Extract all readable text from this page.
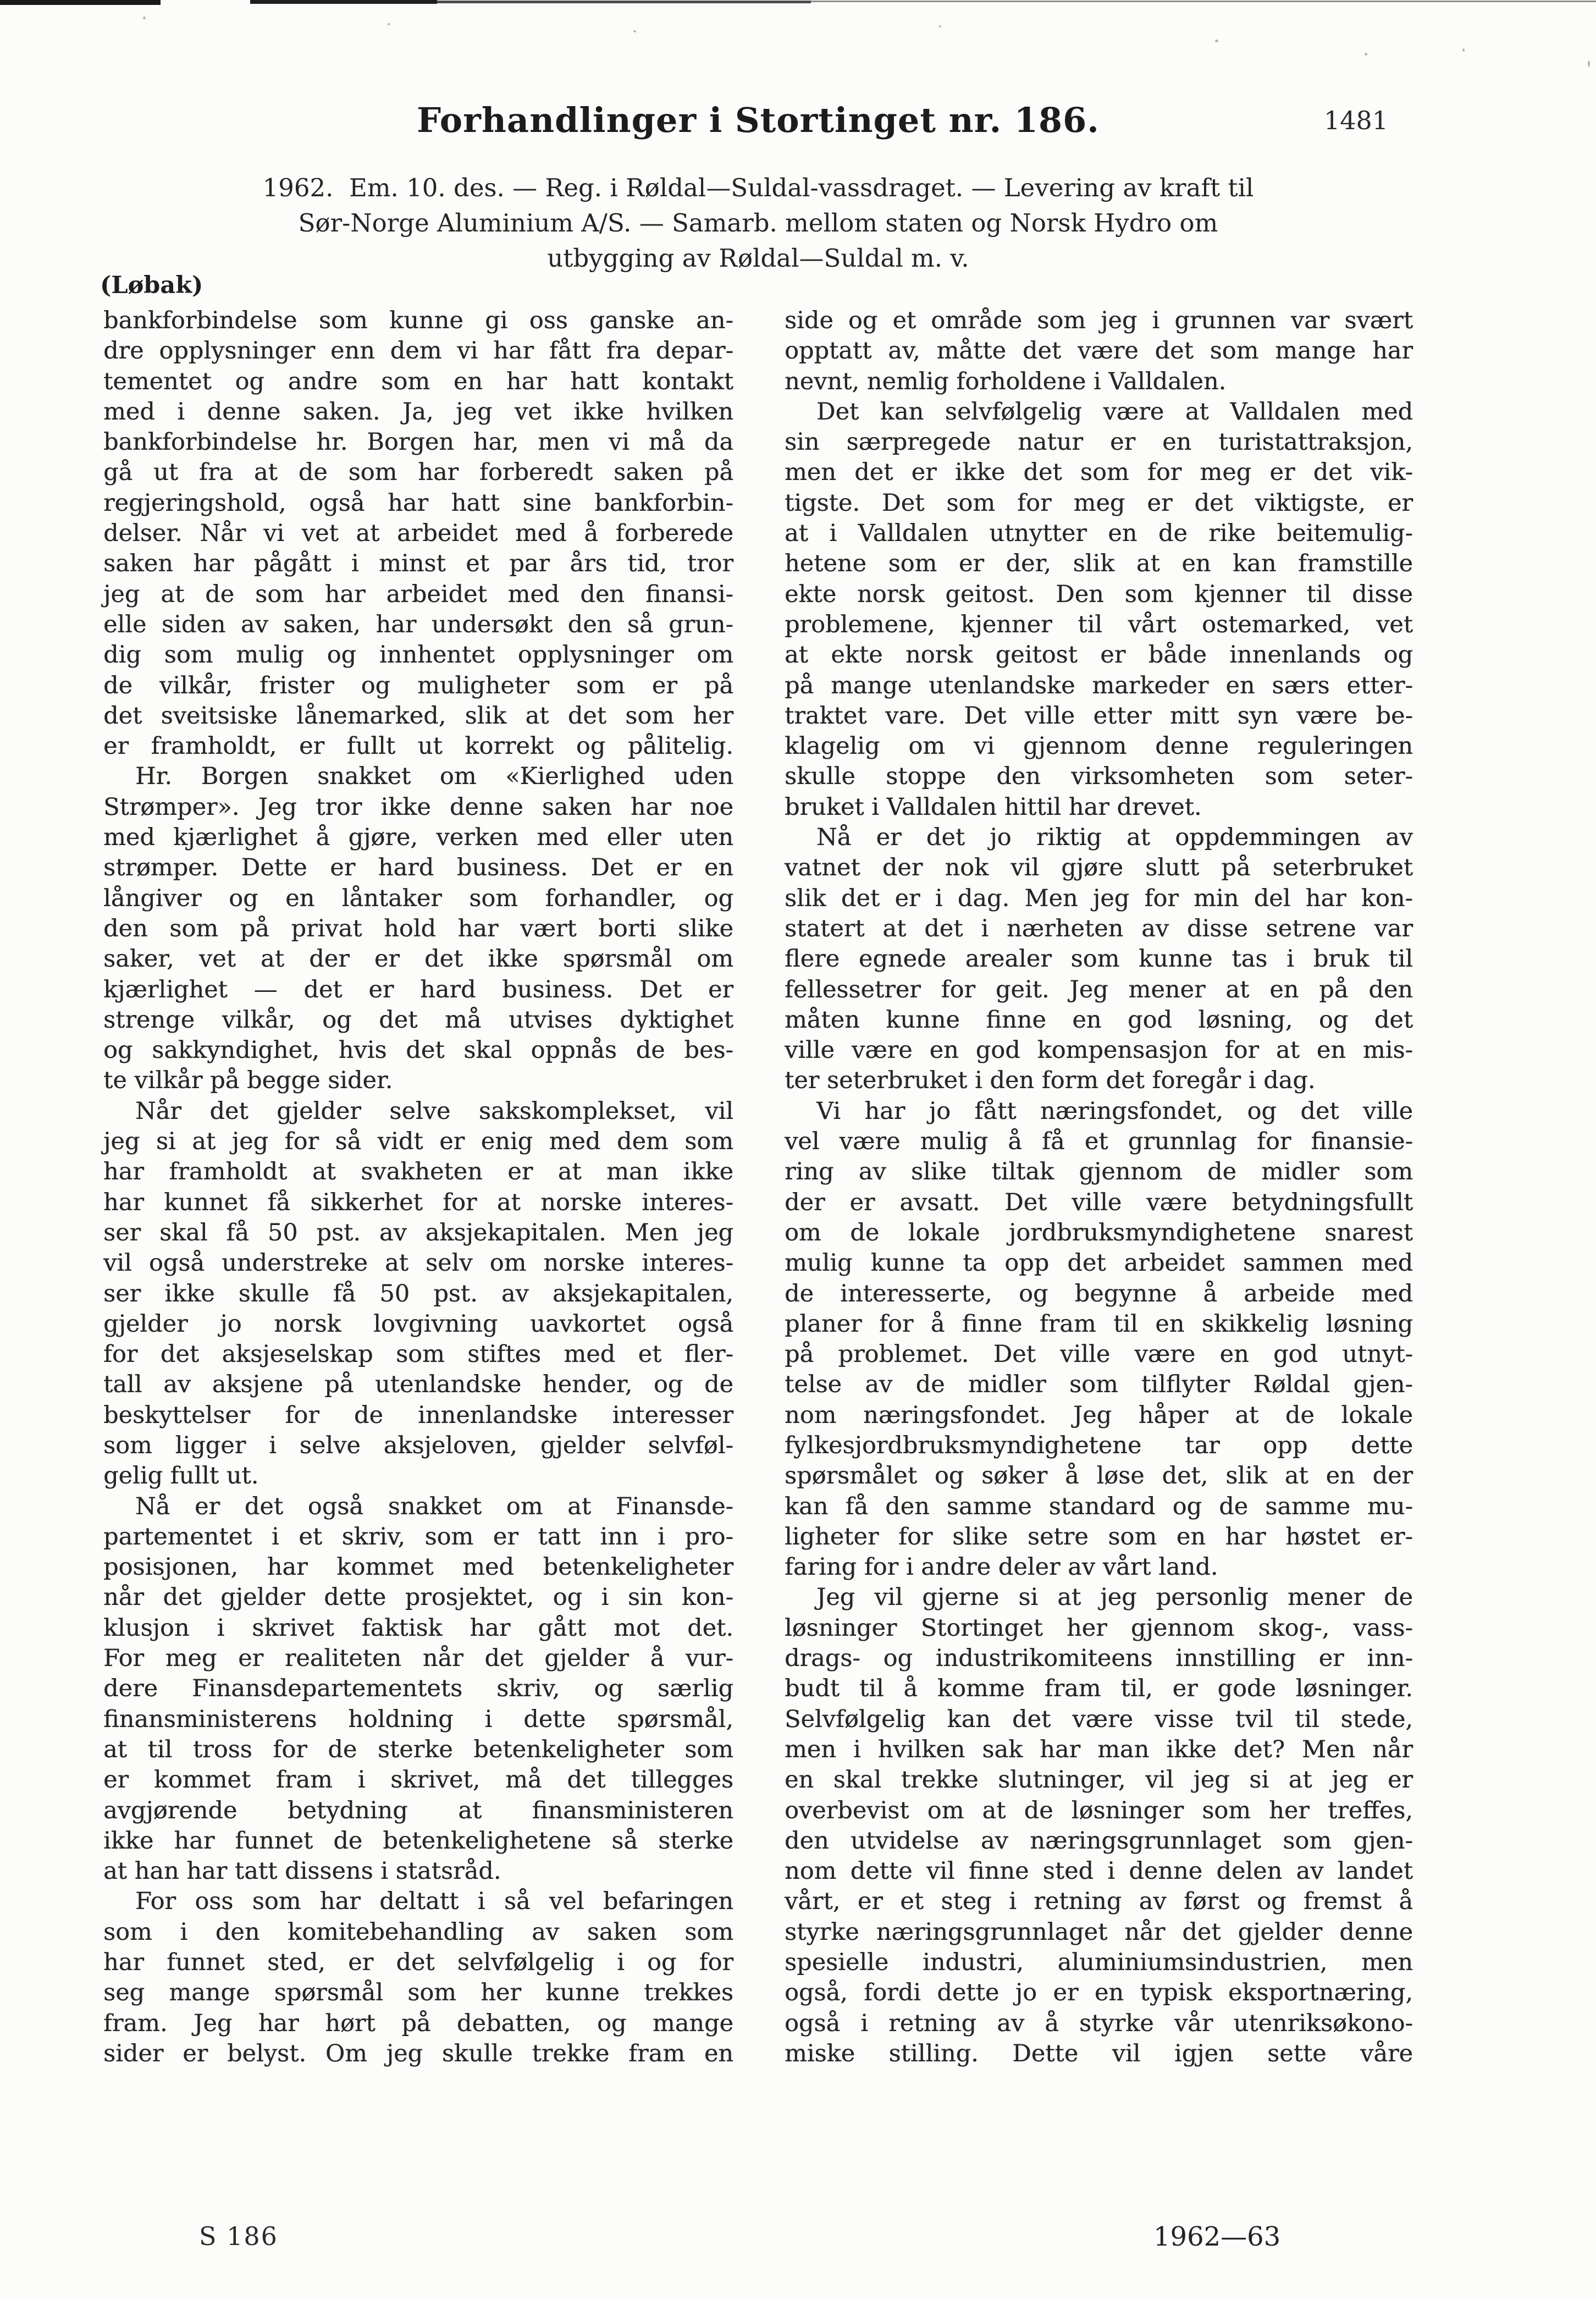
Forhandlinger i Stortinget nr. 186.	1481
1962.  Em. 10. des. — Reg. i Røldal—Suldal-vassdraget. — Levering av kraft til
Sør-Norge Aluminium A/S. — Samarb. mellom staten og Norsk Hydro om
utbygging av Røldal—Suldal m. v.
(Løbak)
bankforbindelse som kunne gi oss ganske an-
dre opplysninger enn dem vi har fått fra depar-
tementet og andre som en har hatt kontakt
med i denne saken. Ja, jeg vet ikke hvilken
bankforbindelse hr. Borgen har, men vi må da
gå ut fra at de som har forberedt saken på
regjeringshold, også har hatt sine bankforbin-
delser. Når vi vet at arbeidet med å forberede
saken har pågått i minst et par års tid, tror
jeg at de som har arbeidet med den finansi-
elle siden av saken, har undersøkt den så grun-
dig som mulig og innhentet opplysninger om
de vilkår, frister og muligheter som er på
det sveitsiske lånemarked, slik at det som her
er framholdt, er fullt ut korrekt og pålitelig.
Hr. Borgen snakket om «Kierlighed uden
Strømper». Jeg tror ikke denne saken har noe
med kjærlighet å gjøre, verken med eller uten
strømper. Dette er hard business. Det er en
långiver og en låntaker som forhandler, og
den som på privat hold har vært borti slike
saker, vet at der er det ikke spørsmål om
kjærlighet — det er hard business. Det er
strenge vilkår, og det må utvises dyktighet
og sakkyndighet, hvis det skal oppnås de bes-
te vilkår på begge sider.
Når det gjelder selve sakskomplekset, vil
jeg si at jeg for så vidt er enig med dem som
har framholdt at svakheten er at man ikke
har kunnet få sikkerhet for at norske interes-
ser skal få 50 pst. av aksjekapitalen. Men jeg
vil også understreke at selv om norske interes-
ser ikke skulle få 50 pst. av aksjekapitalen,
gjelder jo norsk lovgivning uavkortet også
for det aksjeselskap som stiftes med et fler-
tall av aksjene på utenlandske hender, og de
beskyttelser for de innenlandske interesser
som ligger i selve aksjeloven, gjelder selvføl-
gelig fullt ut.
Nå er det også snakket om at Finansde-
partementet i et skriv, som er tatt inn i pro-
posisjonen, har kommet med betenkeligheter
når det gjelder dette prosjektet, og i sin kon-
klusjon i skrivet faktisk har gått mot det.
For meg er realiteten når det gjelder å vur-
dere Finansdepartementets skriv, og særlig
finansministerens holdning i dette spørsmål,
at til tross for de sterke betenkeligheter som
er kommet fram i skrivet, må det tillegges
avgjørende betydning at finansministeren
ikke har funnet de betenkelighetene så sterke
at han har tatt dissens i statsråd.
For oss som har deltatt i så vel befaringen
som i den komitebehandling av saken som
har funnet sted, er det selvfølgelig i og for
seg mange spørsmål som her kunne trekkes
fram. Jeg har hørt på debatten, og mange
sider er belyst. Om jeg skulle trekke fram en
side og et område som jeg i grunnen var svært
opptatt av, måtte det være det som mange har
nevnt, nemlig forholdene i Valldalen.
Det kan selvfølgelig være at Valldalen med
sin særpregede natur er en turistattraksjon,
men det er ikke det som for meg er det vik-
tigste. Det som for meg er det viktigste, er
at i Valldalen utnytter en de rike beitemulig-
hetene som er der, slik at en kan framstille
ekte norsk geitost. Den som kjenner til disse
problemene, kjenner til vårt ostemarked, vet
at ekte norsk geitost er både innenlands og
på mange utenlandske markeder en særs etter-
traktet vare. Det ville etter mitt syn være be-
klagelig om vi gjennom denne reguleringen
skulle stoppe den virksomheten som seter-
bruket i Valldalen hittil har drevet.
Nå er det jo riktig at oppdemmingen av
vatnet der nok vil gjøre slutt på seterbruket
slik det er i dag. Men jeg for min del har kon-
statert at det i nærheten av disse setrene var
flere egnede arealer som kunne tas i bruk til
fellessetrer for geit. Jeg mener at en på den
måten kunne finne en god løsning, og det
ville være en god kompensasjon for at en mis-
ter seterbruket i den form det foregår i dag.
Vi har jo fått næringsfondet, og det ville
vel være mulig å få et grunnlag for finansie-
ring av slike tiltak gjennom de midler som
der er avsatt. Det ville være betydningsfullt
om de lokale jordbruksmyndighetene snarest
mulig kunne ta opp det arbeidet sammen med
de interesserte, og begynne å arbeide med
planer for å finne fram til en skikkelig løsning
på problemet. Det ville være en god utnyt-
telse av de midler som tilflyter Røldal gjen-
nom næringsfondet. Jeg håper at de lokale
fylkesjordbruksmyndighetene tar opp dette
spørsmålet og søker å løse det, slik at en der
kan få den samme standard og de samme mu-
ligheter for slike setre som en har høstet er-
faring for i andre deler av vårt land.
Jeg vil gjerne si at jeg personlig mener de
løsninger Stortinget her gjennom skog-, vass-
drags- og industrikomiteens innstilling er inn-
budt til å komme fram til, er gode løsninger.
Selvfølgelig kan det være visse tvil til stede,
men i hvilken sak har man ikke det? Men når
en skal trekke slutninger, vil jeg si at jeg er
overbevist om at de løsninger som her treffes,
den utvidelse av næringsgrunnlaget som gjen-
nom dette vil finne sted i denne delen av landet
vårt, er et steg i retning av først og fremst å
styrke næringsgrunnlaget når det gjelder denne
spesielle industri, aluminiumsindustrien, men
også, fordi dette jo er en typisk eksportnæring,
også i retning av å styrke vår utenriksøkono-
miske stilling. Dette vil igjen sette våre
S 186	1962—63
